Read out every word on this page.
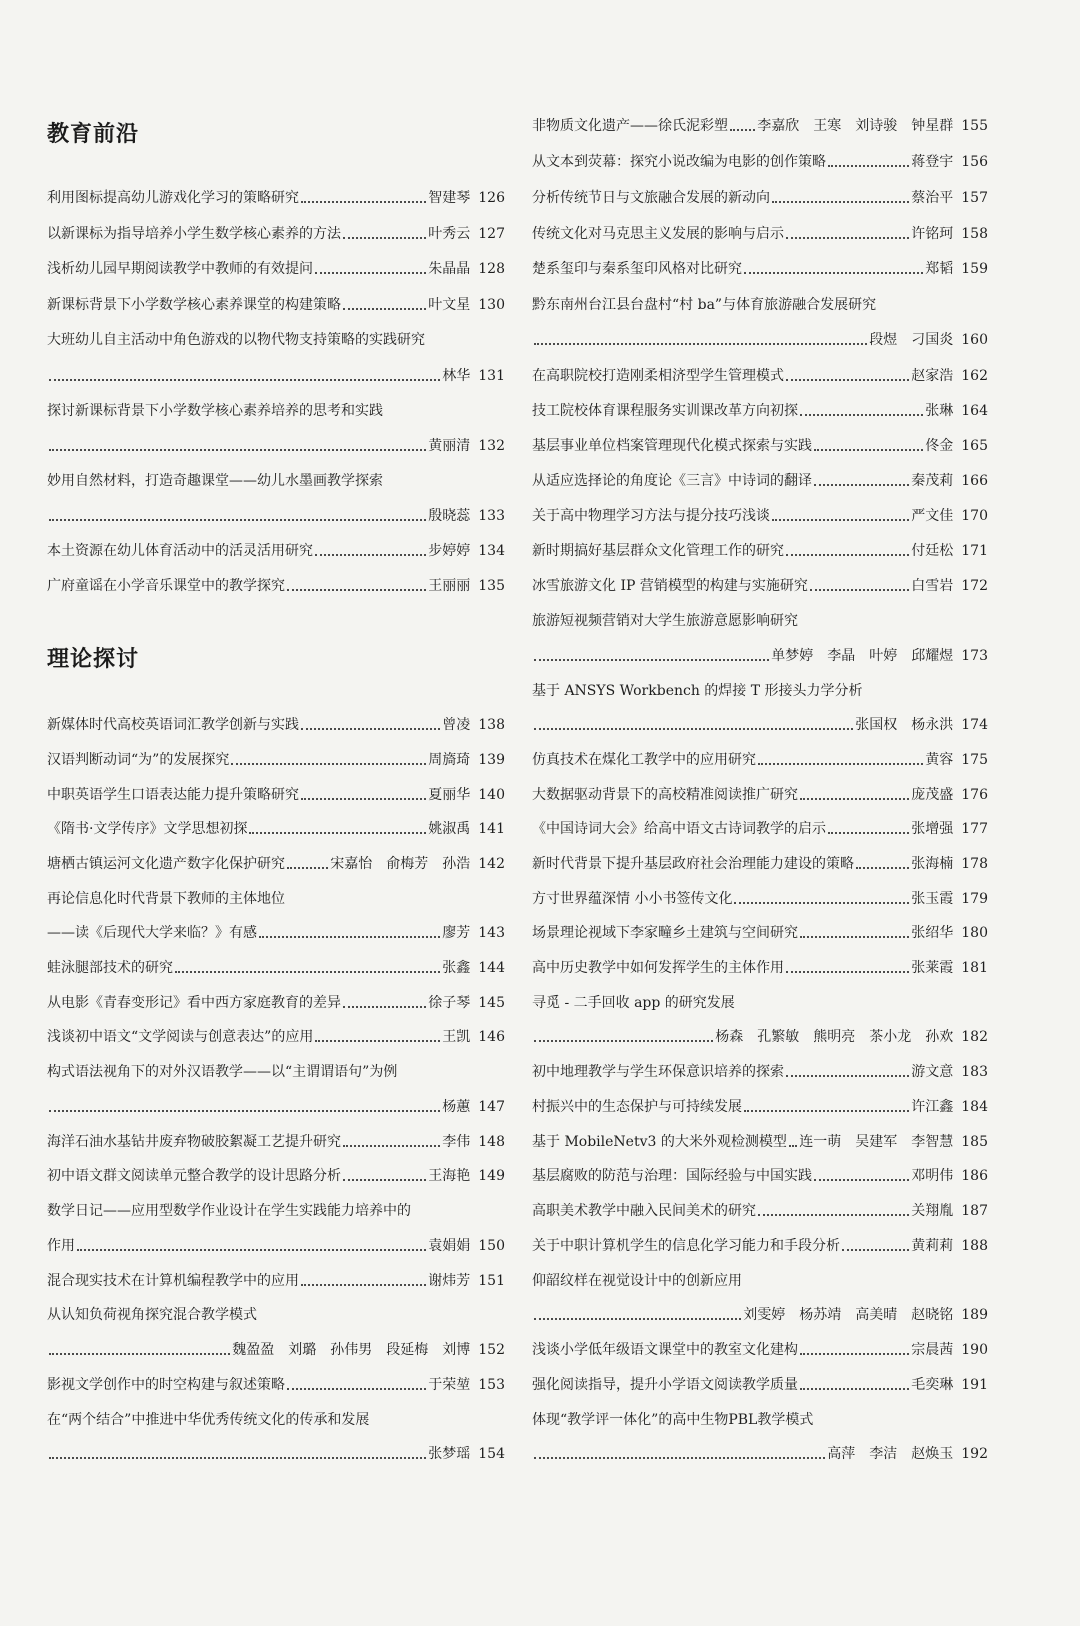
教育前沿
理论探讨
利用图标提高幼儿游戏化学习的策略研究	智建琴 126
以新课标为指导培养小学生数学核心素养的方法	叶秀云 127
浅析幼儿园早期阅读教学中教师的有效提问	朱晶晶 128
新课标背景下小学数学核心素养课堂的构建策略	叶文星 130
大班幼儿自主活动中角色游戏的以物代物支持策略的实践研究
林华 131
探讨新课标背景下小学数学核心素养培养的思考和实践
黄丽清 132
妙用自然材料，打造奇趣课堂——幼儿水墨画教学探索
殷晓蕊 133
本土资源在幼儿体育活动中的活灵活用研究	步婷婷 134
广府童谣在小学音乐课堂中的教学探究	王丽丽 135
新媒体时代高校英语词汇教学创新与实践	曾凌 138
汉语判断动词“为”的发展探究	周旖琦 139
中职英语学生口语表达能力提升策略研究	夏丽华 140
《隋书·文学传序》文学思想初探	姚淑禹 141
塘栖古镇运河文化遗产数字化保护研究	宋嘉怡　俞梅芳　孙浩 142
再论信息化时代背景下教师的主体地位
——读《后现代大学来临？》有感	廖芳 143
蛙泳腿部技术的研究	张鑫 144
从电影《青春变形记》看中西方家庭教育的差异	徐子琴 145
浅谈初中语文“文学阅读与创意表达”的应用	王凯 146
构式语法视角下的对外汉语教学——以“主谓谓语句”为例
杨蕙 147
海洋石油水基钻井废弃物破胶絮凝工艺提升研究	李伟 148
初中语文群文阅读单元整合教学的设计思路分析	王海艳 149
数学日记——应用型数学作业设计在学生实践能力培养中的
作用	袁娟娟 150
混合现实技术在计算机编程教学中的应用	谢炜芳 151
从认知负荷视角探究混合教学模式
魏盈盈　刘璐　孙伟男　段延梅　刘博 152
影视文学创作中的时空构建与叙述策略	于荣堃 153
在“两个结合”中推进中华优秀传统文化的传承和发展
张梦瑶 154
非物质文化遗产——徐氏泥彩塑 李嘉欣　王寒　刘诗骏　钟星群 155
从文本到荧幕：探究小说改编为电影的创作策略	蒋登宇 156
分析传统节日与文旅融合发展的新动向	蔡治平 157
传统文化对马克思主义发展的影响与启示	许铭珂 158
楚系玺印与秦系玺印风格对比研究	郑韬 159
黔东南州台江县台盘村“村 ba”与体育旅游融合发展研究
段煜　刁国炎 160
在高职院校打造刚柔相济型学生管理模式	赵家浩 162
技工院校体育课程服务实训课改革方向初探	张琳 164
基层事业单位档案管理现代化模式探索与实践	佟金 165
从适应选择论的角度论《三言》中诗词的翻译	秦茂莉 166
关于高中物理学习方法与提分技巧浅谈	严文佳 170
新时期搞好基层群众文化管理工作的研究	付廷松 171
冰雪旅游文化 IP 营销模型的构建与实施研究	白雪岩 172
旅游短视频营销对大学生旅游意愿影响研究
单梦婷　李晶　叶婷　邱耀煜 173
基于 ANSYS Workbench 的焊接 T 形接头力学分析
张国权　杨永洪 174
仿真技术在煤化工教学中的应用研究	黄容 175
大数据驱动背景下的高校精准阅读推广研究	庞茂盛 176
《中国诗词大会》给高中语文古诗词教学的启示	张增强 177
新时代背景下提升基层政府社会治理能力建设的策略	张海楠 178
方寸世界蕴深情 小小书签传文化	张玉霞 179
场景理论视域下李家疃乡土建筑与空间研究	张绍华 180
高中历史教学中如何发挥学生的主体作用	张莱霞 181
寻觅 - 二手回收 app 的研究发展
杨森　孔繁敏　熊明亮　茶小龙　孙欢 182
初中地理教学与学生环保意识培养的探索	游文意 183
村振兴中的生态保护与可持续发展	许江鑫 184
基于 MobileNetv3 的大米外观检测模型 连一萌　吴建军　李智慧 185
基层腐败的防范与治理：国际经验与中国实践	邓明伟 186
高职美术教学中融入民间美术的研究	关翔胤 187
关于中职计算机学生的信息化学习能力和手段分析	黄莉莉 188
仰韶纹样在视觉设计中的创新应用
刘雯婷　杨苏靖　高美晴　赵晓铭 189
浅谈小学低年级语文课堂中的教室文化建构	宗晨茜 190
强化阅读指导，提升小学语文阅读教学质量	毛奕琳 191
体现“教学评一体化”的高中生物PBL教学模式
高萍　李洁　赵焕玉 192
